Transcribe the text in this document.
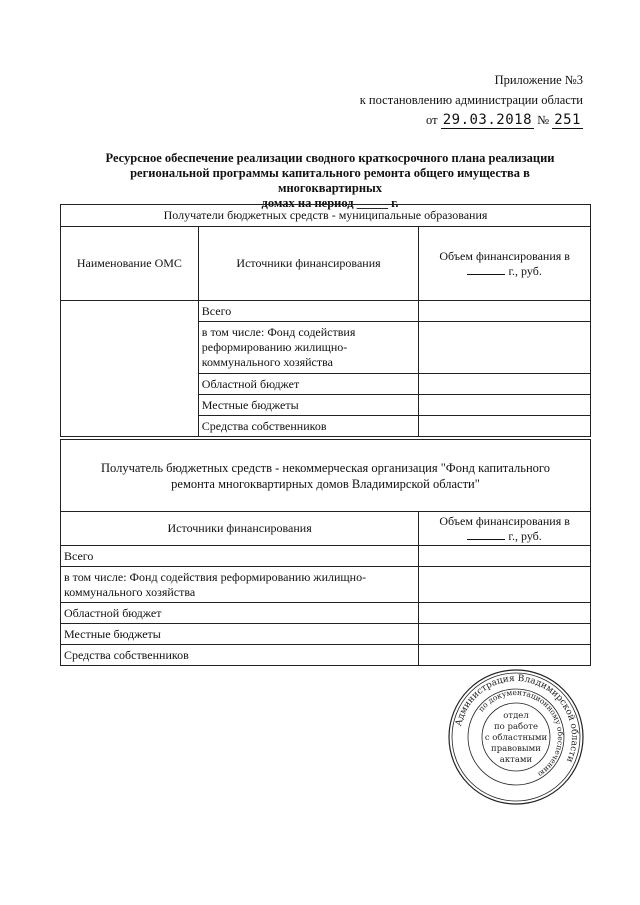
Приложение №3
к постановлению администрации области
от 29.03.2018 № 251
Ресурсное обеспечение реализации сводного краткосрочного плана реализации
региональной программы капитального ремонта общего имущества в многоквартирных
домах на период _____ г.
Получатели бюджетных средств - муниципальные образования		
Наименование ОМС	Источники финансирования	Объем финансирования в
г., руб.
	Всего	
	в том числе: Фонд содействия реформированию жилищно-коммунального хозяйства	
	Областной бюджет	
	Местные бюджеты	
	Средства собственников	
Получатель бюджетных средств - некоммерческая организация "Фонд капитального ремонта многоквартирных домов Владимирской области"	
Источники финансирования	Объем финансирования в
г., руб.
Всего	
в том числе: Фонд содействия реформированию жилищно-коммунального хозяйства	
Областной бюджет	
Местные бюджеты	
Средства собственников	
Администрация Владимирской области
по документационному обеспечению
отдел
по работе
с областными
правовыми
актами
